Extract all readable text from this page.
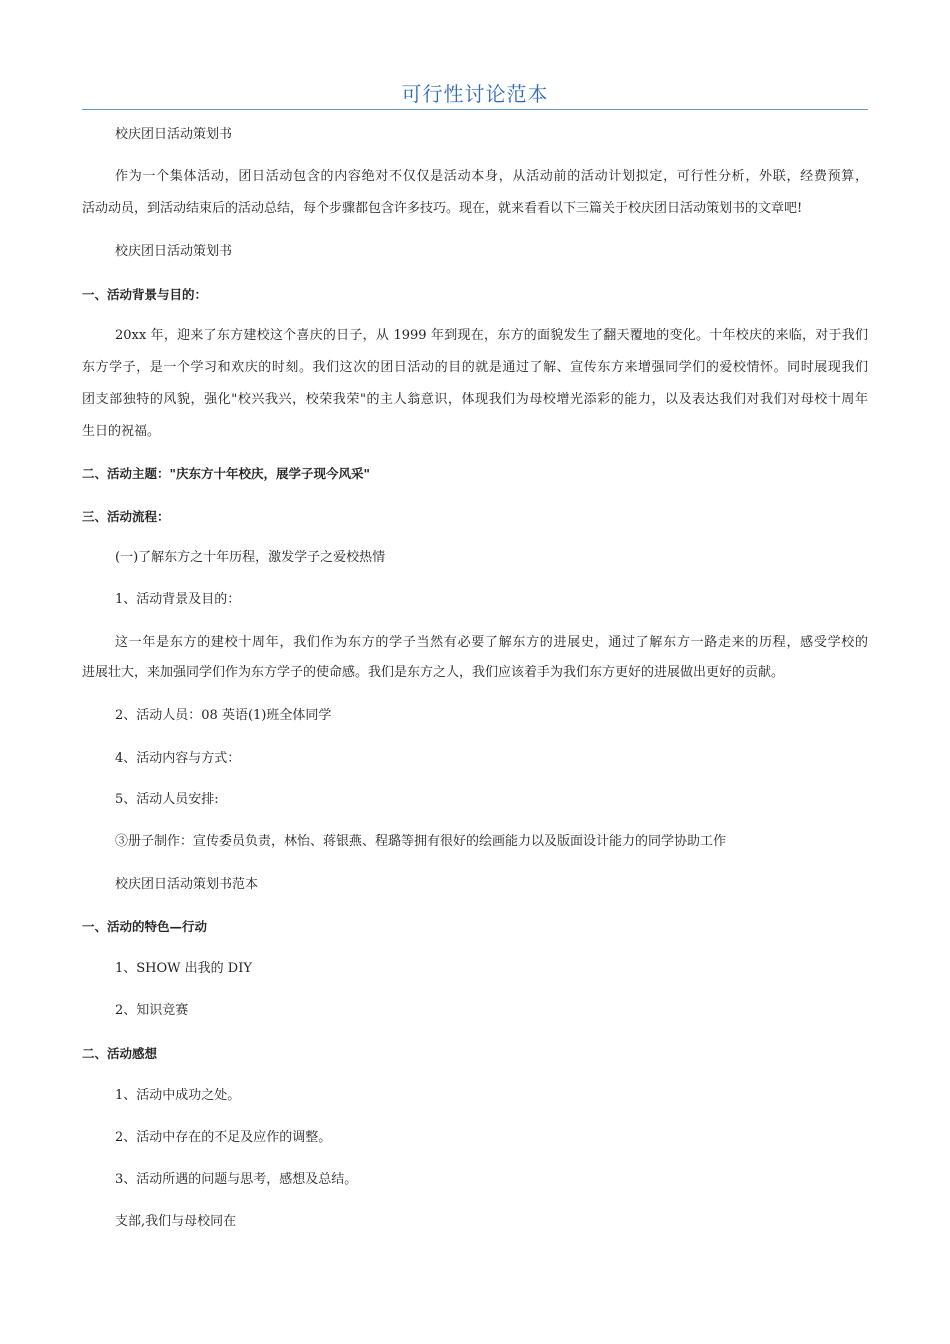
可行性讨论范本
校庆团日活动策划书
作为一个集体活动，团日活动包含的内容绝对不仅仅是活动本身，从活动前的活动计划拟定，可行性分析，外联，经费预算，
活动动员，到活动结束后的活动总结，每个步骤都包含许多技巧。现在，就来看看以下三篇关于校庆团日活动策划书的文章吧!
校庆团日活动策划书
一、活动背景与目的：
20xx 年，迎来了东方建校这个喜庆的日子，从 1999 年到现在，东方的面貌发生了翻天覆地的变化。十年校庆的来临，对于我们
东方学子，是一个学习和欢庆的时刻。我们这次的团日活动的目的就是通过了解、宣传东方来增强同学们的爱校情怀。同时展现我们
团支部独特的风貌，强化"校兴我兴，校荣我荣"的主人翁意识，体现我们为母校增光添彩的能力，以及表达我们对我们对母校十周年
生日的祝福。
二、活动主题："庆东方十年校庆，展学子现今风采"
三、活动流程：
(一)了解东方之十年历程，激发学子之爱校热情
1、活动背景及目的：
这一年是东方的建校十周年，我们作为东方的学子当然有必要了解东方的进展史，通过了解东方一路走来的历程，感受学校的
进展壮大，来加强同学们作为东方学子的使命感。我们是东方之人，我们应该着手为我们东方更好的进展做出更好的贡献。
2、活动人员：08 英语(1)班全体同学
4、活动内容与方式：
5、活动人员安排:
③册子制作：宣传委员负责，林怡、蒋银燕、程璐等拥有很好的绘画能力以及版面设计能力的同学协助工作
校庆团日活动策划书范本
一、活动的特色—行动
1、SHOW 出我的 DIY
2、知识竞赛
二、活动感想
1、活动中成功之处。
2、活动中存在的不足及应作的调整。
3、活动所遇的问题与思考，感想及总结。
支部,我们与母校同在
